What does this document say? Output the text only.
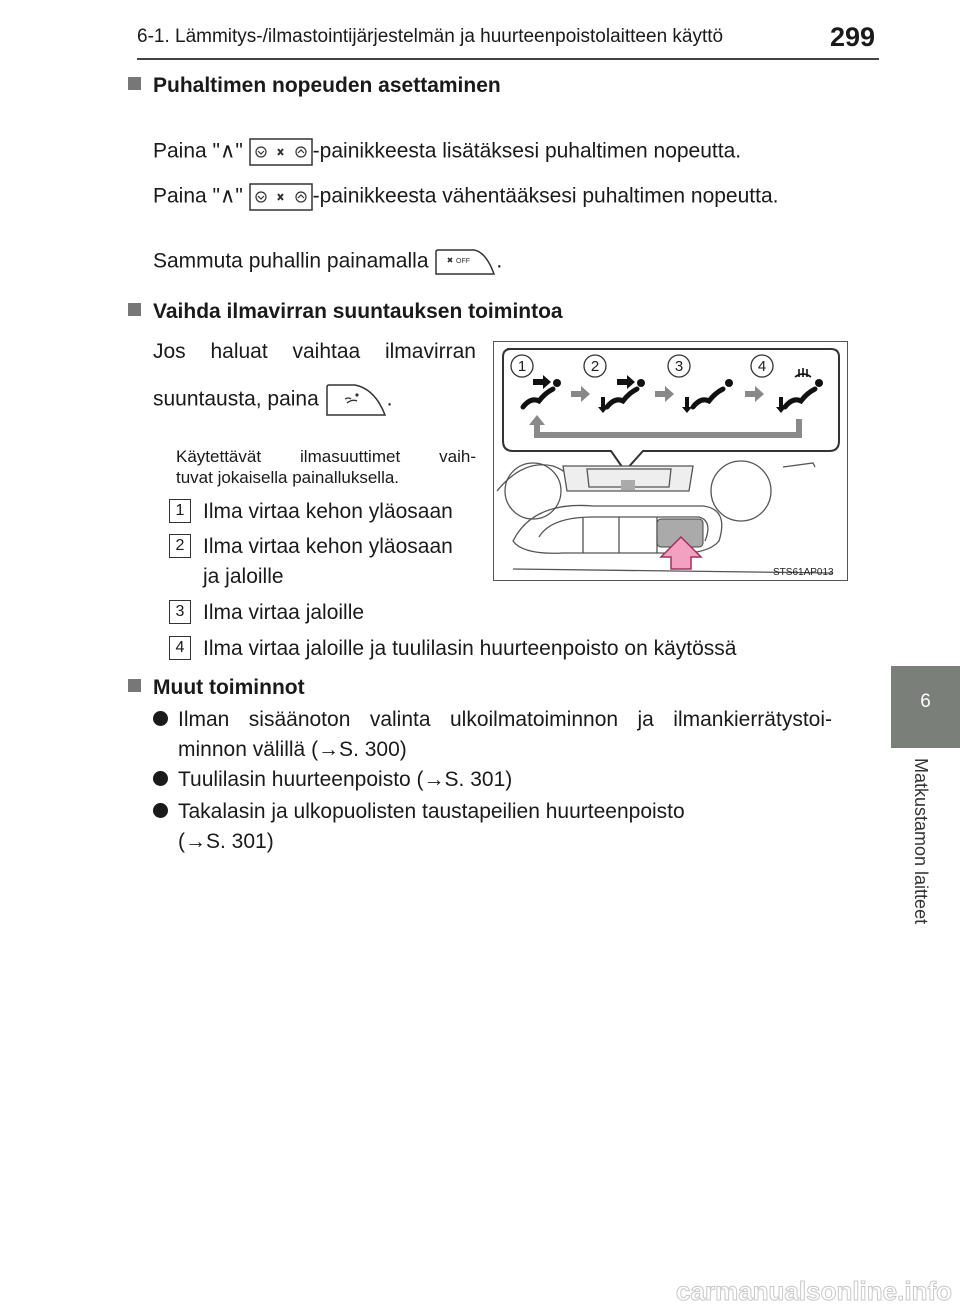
6-1. Lämmitys-/ilmastointijärjestelmän ja huurteenpoistolaitteen käyttö	299
6
Matkustamon laitteet
Puhaltimen nopeuden asettaminen
Paina "∧"	-painikkeesta lisätäksesi puhaltimen nopeutta.
Paina "∧"	-painikkeesta vähentääksesi puhaltimen nopeutta.
Sammuta puhallin painamalla	OFF .
Vaihda ilmavirran suuntauksen toimintoa
Jos haluat vaihtaa ilmavirran
suuntausta, paina	.
Käytettävät ilmasuuttimet vaih-
tuvat jokaisella painalluksella.
1 Ilma virtaa kehon yläosaan
2 Ilma virtaa kehon yläosaan
ja jaloille
3 Ilma virtaa jaloille
4 Ilma virtaa jaloille ja tuulilasin huurteenpoisto on käytössä
1	2	3	4
STS61AP013
Muut toiminnot
Ilman sisäänoton valinta ulkoilmatoiminnon ja ilmankierrätystoi-
minnon välillä (→S. 300)
Tuulilasin huurteenpoisto (→S. 301)
Takalasin ja ulkopuolisten taustapeilien huurteenpoisto
(→S. 301)
carmanualsonline.info
